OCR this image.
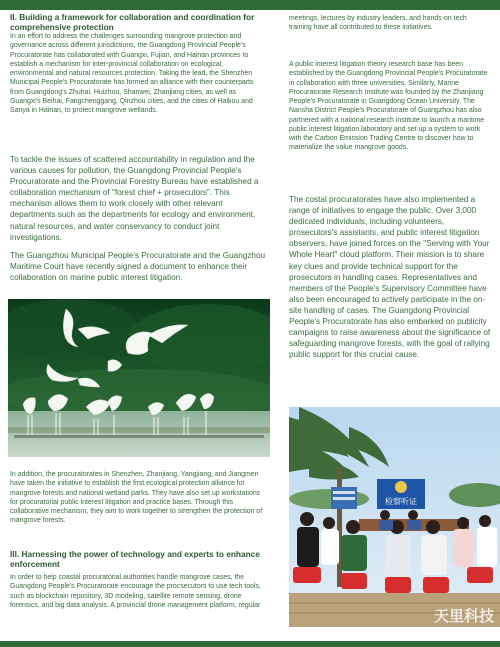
II. Building a framework for collaboration and coordination for comprehensive protection

In an effort to address the challenges surrounding mangrove protection and governance across different jurisdictions, the Guangdong Provincial People's Procuratorate has collaborated with Guangxi, Fujian, and Hainan provinces to establish a mechanism for inter-provincial collaboration on ecological, environmental and natural resources protection. Taking the lead, the Shenzhen Municipal People's Procuratorate has formed an alliance with their counterparts from Guangdong's Zhuhai, Huizhou, Shanwei, Zhanjiang cities, as well as Guangxi's Beihai, Fangchenggang, Qinzhou cities, and the cities of Haikou and Sanya in Hainan, to protect mangrove wetlands.

To tackle the issues of scattered accountability in regulation and the various causes for pollution, the Guangdong Provincial People's Procuratorate and the Provincial Forestry Bureau have established a collaboration mechanism of "forest chief + prosecutors". This mechanism allows them to work closely with other relevant departments such as the departments for ecology and environment, natural resources, and water conservancy to conduct joint investigations.

The Guangzhou Municipal People's Procuratorate and the Guangzhou Maritime Court have recently signed a document to enhance their collaboration on marine public interest litigation.

In addition, the procuratorates in Shenzhen, Zhanjiang, Yangjiang, and Jiangmen have taken the initiative to establish the first ecological protection alliance for mangrove forests and national wetland parks. They have also set up workstations for procuratorial public interest litigation and practice bases. Through this collaborative mechanism, they aim to work together to strengthen the protection of mangrove forests.

III. Harnessing the power of technology and experts to enhance enforcement

In order to help coastal procuratorial authorities handle mangrove cases, the Guangdong People's Procuratorate encourage the procsecutors to use tech tools, such as blockchain repository, 3D modeling, satellite remote sensing, drone forensics, and big data analysis. A provincial drone management platform, regular

meetings, lectures by industry leaders, and hands-on tech training have all contributed to these initiatives.

A public interest litigation theory research base has been established by the Guangdong Provincial People's Procuratorate in collaboration with three universities. Similarly, Marine Procuratorate Research Institute was founded by the Zhanjiang People's Procuratorate in Guangdong Ocean University. The Nansha District People's Procuratorate of Guangzhou has also partnered with a national research institute to launch a maritime public interest litigation laboratory and set up a system to work with the Carbon Emission Trading Centre to discover how to materialize the value mangrove goods.

The costal procuratorates have also implemented a range of initiatives to engage the public. Over 3,000 dedicated individuals, including volunteers, prosecutors's assistants, and public interest litigation observers, have joined forces on the "Serving with Your Whole Heart" cloud platform. Their mission is to share key clues and provide technical support for the prosecutors in handling cases. Representatives and members of the People's Supervisory Committee have also been encouraged to actively participate in the on-site handling of cases. The Guangdong Provincial People's Procuratorate has also embarked on publicity campaigns to raise awareness about the significance of safeguarding mangrove forests, with the goal of rallying public support for this crucial cause.

检察听证
天里科技
